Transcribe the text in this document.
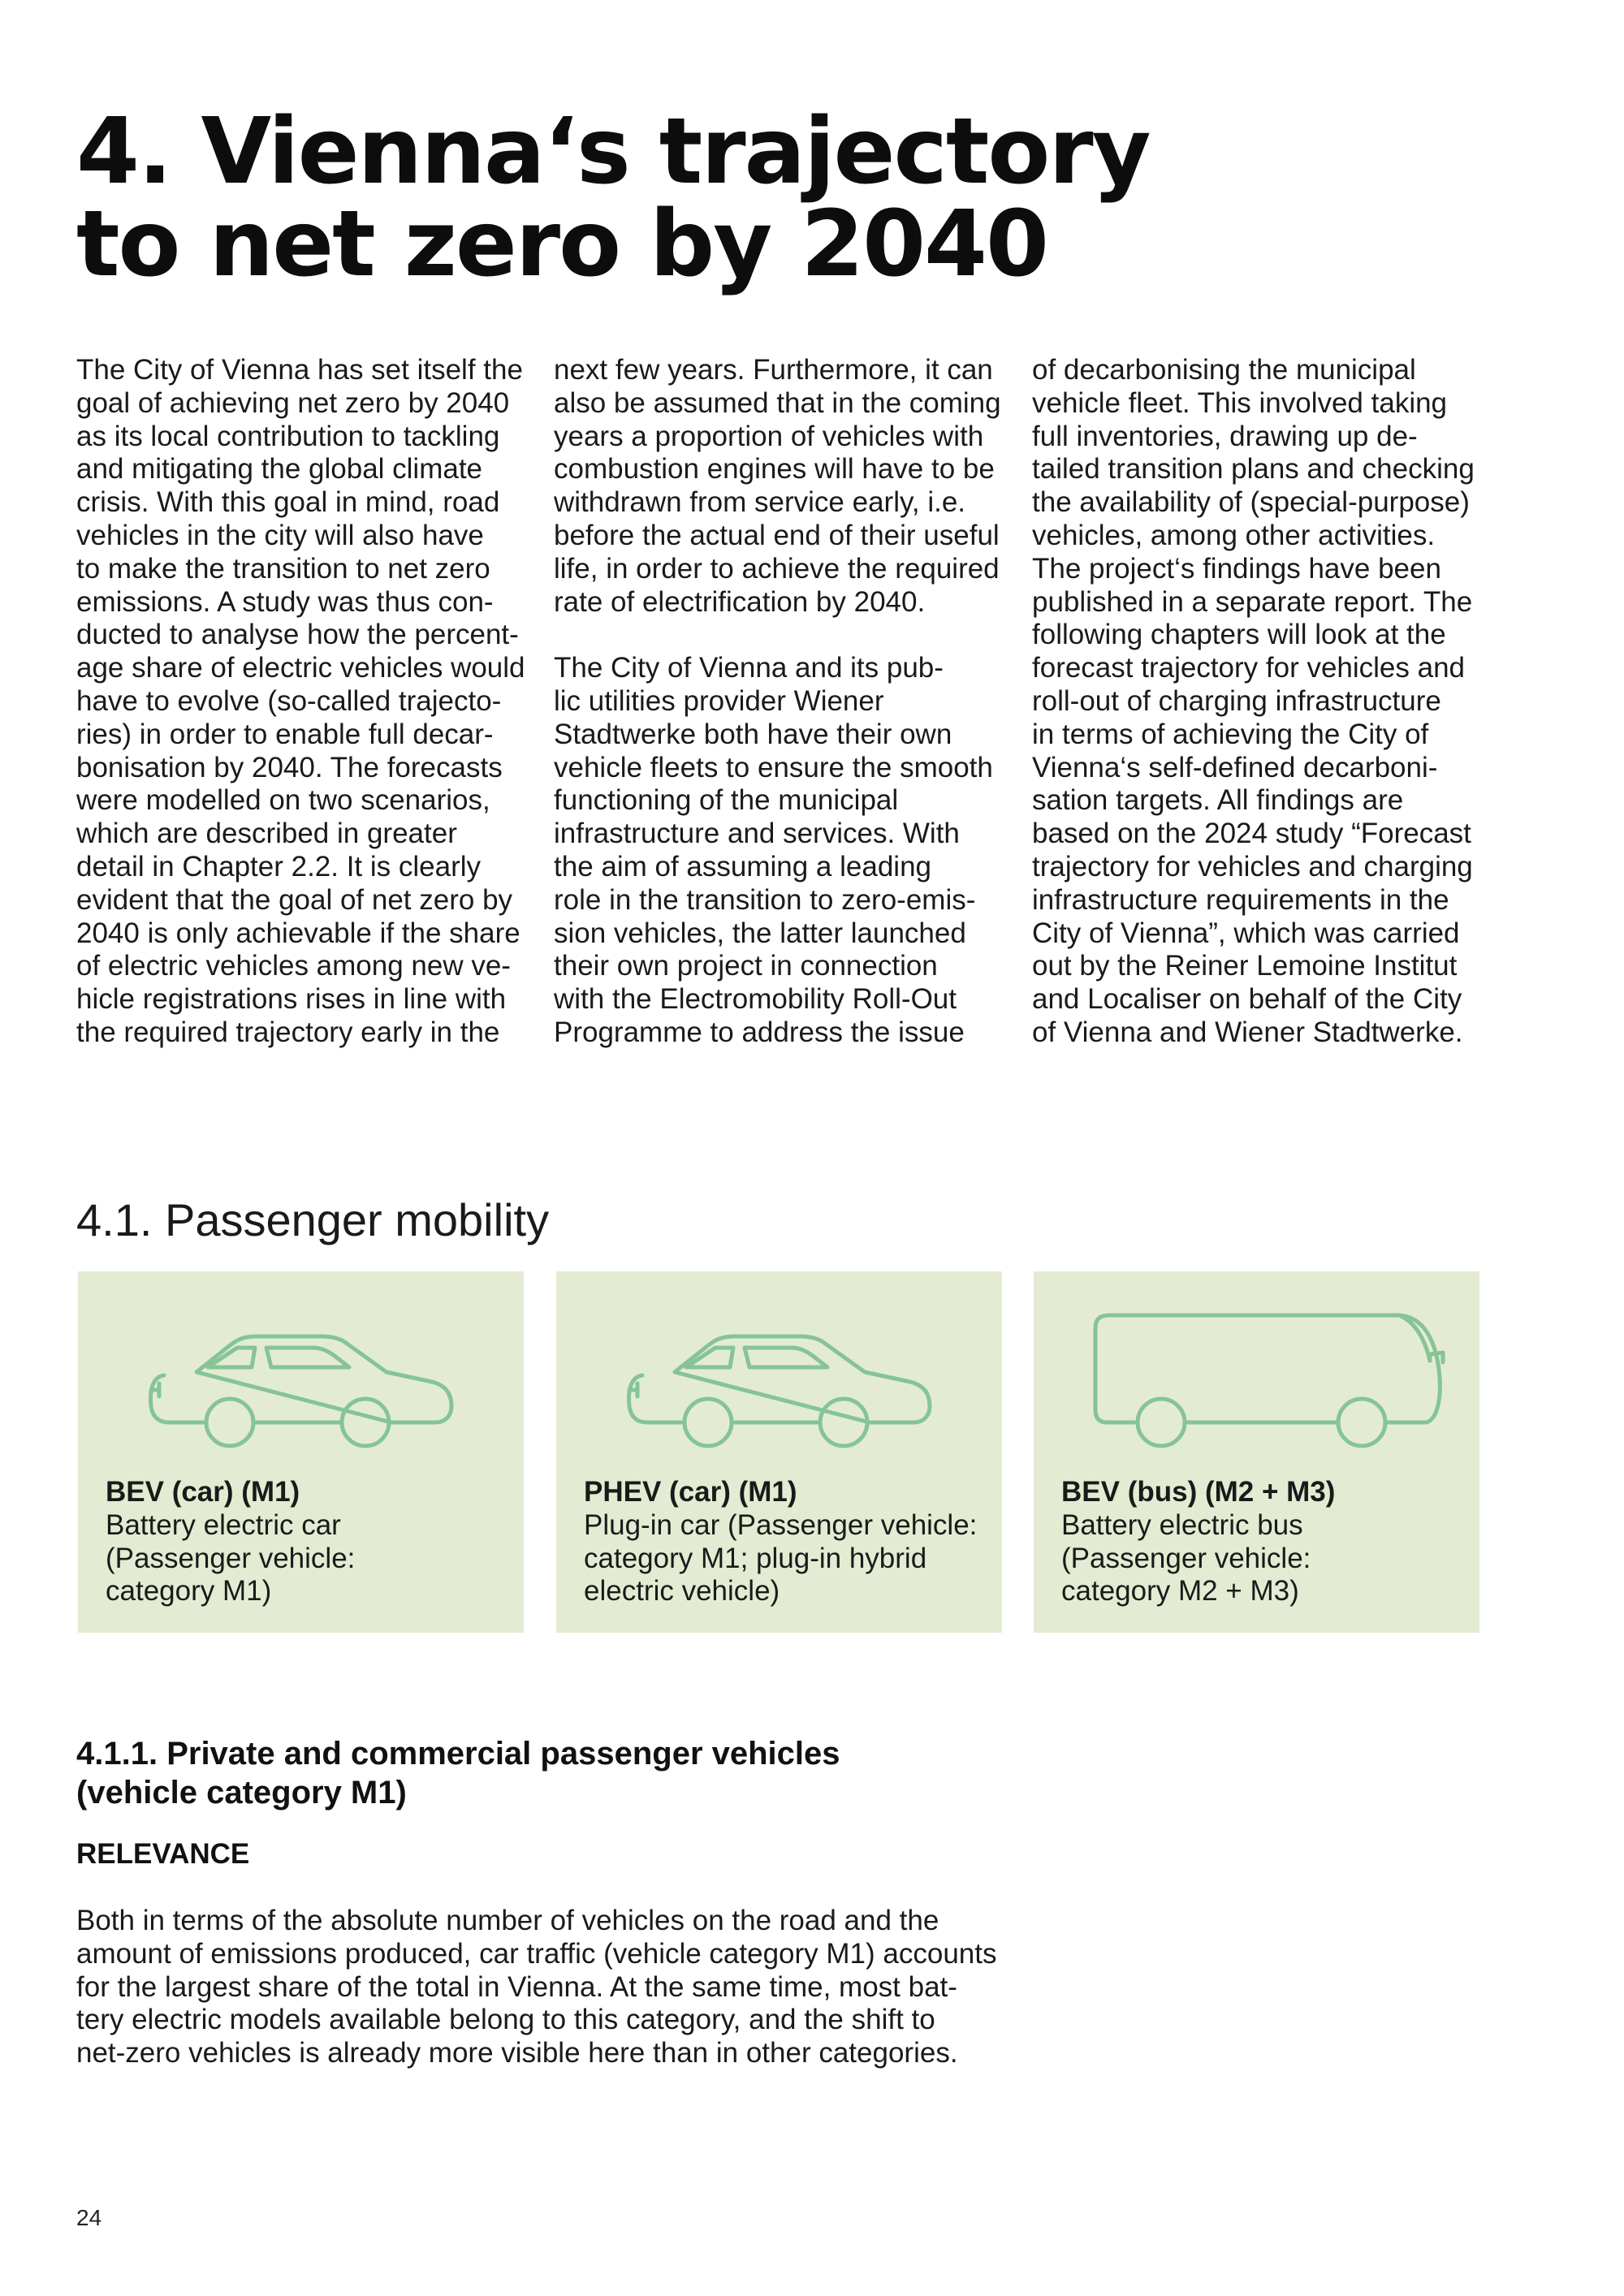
4. Vienna‘s trajectory
to net zero by 2040
The City of Vienna has set itself the
goal of achieving net zero by 2040
as its local contribution to tackling
and mitigating the global climate
crisis. With this goal in mind, road
vehicles in the city will also have
to make the transition to net zero
emissions. A study was thus con-
ducted to analyse how the percent-
age share of electric vehicles would
have to evolve (so-called trajecto-
ries) in order to enable full decar-
bonisation by 2040. The forecasts
were modelled on two scenarios,
which are described in greater
detail in Chapter 2.2. It is clearly
evident that the goal of net zero by
2040 is only achievable if the share
of electric vehicles among new ve-
hicle registrations rises in line with
the required trajectory early in the
next few years. Furthermore, it can
also be assumed that in the coming
years a proportion of vehicles with
combustion engines will have to be
withdrawn from service early, i.e.
before the actual end of their useful
life, in order to achieve the required
rate of electrification by 2040.
The City of Vienna and its pub-
lic utilities provider Wiener
Stadtwerke both have their own
vehicle fleets to ensure the smooth
functioning of the municipal
infrastructure and services. With
the aim of assuming a leading
role in the transition to zero-emis-
sion vehicles, the latter launched
their own project in connection
with the Electromobility Roll-Out
Programme to address the issue
of decarbonising the municipal
vehicle fleet. This involved taking
full inventories, drawing up de-
tailed transition plans and checking
the availability of (special-purpose)
vehicles, among other activities.
The project‘s findings have been
published in a separate report. The
following chapters will look at the
forecast trajectory for vehicles and
roll-out of charging infrastructure
in terms of achieving the City of
Vienna‘s self-defined decarboni-
sation targets. All findings are
based on the 2024 study “Forecast
trajectory for vehicles and charging
infrastructure requirements in the
City of Vienna”, which was carried
out by the Reiner Lemoine Institut
and Localiser on behalf of the City
of Vienna and Wiener Stadtwerke.
4.1. Passenger mobility
BEV (car) (M1)
Battery electric car
(Passenger vehicle:
category M1)
PHEV (car) (M1)
Plug-in car (Passenger vehicle:
category M1; plug-in hybrid
electric vehicle)
BEV (bus) (M2 + M3)
Battery electric bus
(Passenger vehicle:
category M2 + M3)
4.1.1. Private and commercial passenger vehicles
(vehicle category M1)

RELEVANCE

Both in terms of the absolute number of vehicles on the road and the
amount of emissions produced, car traffic (vehicle category M1) accounts
for the largest share of the total in Vienna. At the same time, most bat-
tery electric models available belong to this category, and the shift to
net-zero vehicles is already more visible here than in other categories.

24
